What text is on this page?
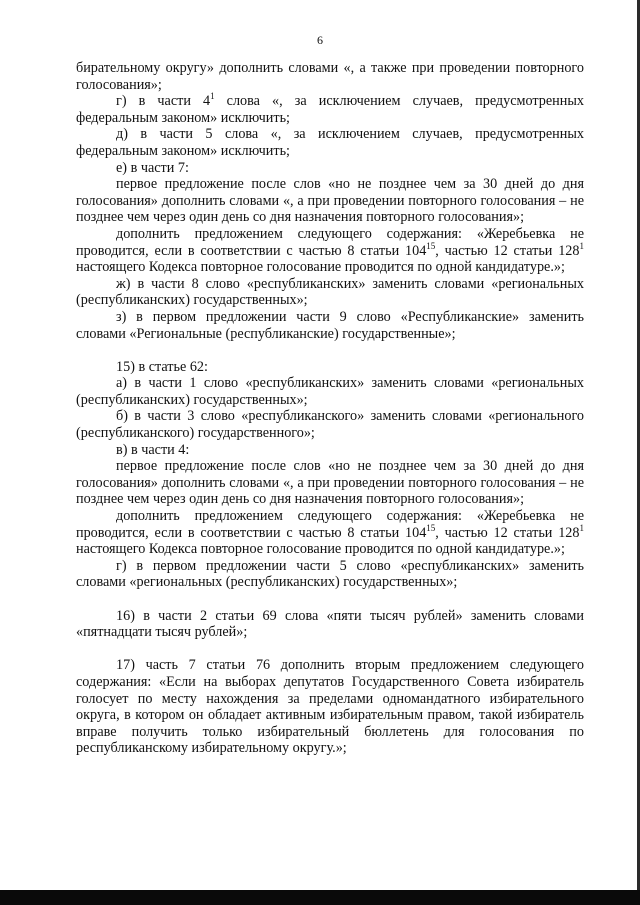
6

бирательному округу» дополнить словами «, а также при проведении повторного голосования»;

г) в части $4^1$ слова «, за исключением случаев, предусмотренных федеральным законом» исключить;

д) в части 5 слова «, за исключением случаев, предусмотренных федеральным законом» исключить;

е) в части 7:

первое предложение после слов «но не позднее чем за 30 дней до дня голосования» дополнить словами «, а при проведении повторного голосования – не позднее чем через один день со дня назначения повторного голосования»;

дополнить предложением следующего содержания: «Жеребьевка не проводится, если в соответствии с частью 8 статьи $104^{15}$, частью 12 статьи $128^1$ настоящего Кодекса повторное голосование проводится по одной кандидатуре.»;

ж) в части 8 слово «республиканских» заменить словами «региональных (республиканских) государственных»;

з) в первом предложении части 9 слово «Республиканские» заменить словами «Региональные (республиканские) государственные»;

15) в статье 62:

а) в части 1 слово «республиканских» заменить словами «региональных (республиканских) государственных»;

б) в части 3 слово «республиканского» заменить словами «регионального (республиканского) государственного»;

в) в части 4:

первое предложение после слов «но не позднее чем за 30 дней до дня голосования» дополнить словами «, а при проведении повторного голосования – не позднее чем через один день со дня назначения повторного голосования»;

дополнить предложением следующего содержания: «Жеребьевка не проводится, если в соответствии с частью 8 статьи $104^{15}$, частью 12 статьи $128^1$ настоящего Кодекса повторное голосование проводится по одной кандидатуре.»;

г) в первом предложении части 5 слово «республиканских» заменить словами «региональных (республиканских) государственных»;

16) в части 2 статьи 69 слова «пяти тысяч рублей» заменить словами «пятнадцати тысяч рублей»;

17) часть 7 статьи 76 дополнить вторым предложением следующего содержания: «Если на выборах депутатов Государственного Совета избиратель голосует по месту нахождения за пределами одномандатного избирательного округа, в котором он обладает активным избирательным правом, такой избиратель вправе получить только избирательный бюллетень для голосования по республиканскому избирательному округу.»;
